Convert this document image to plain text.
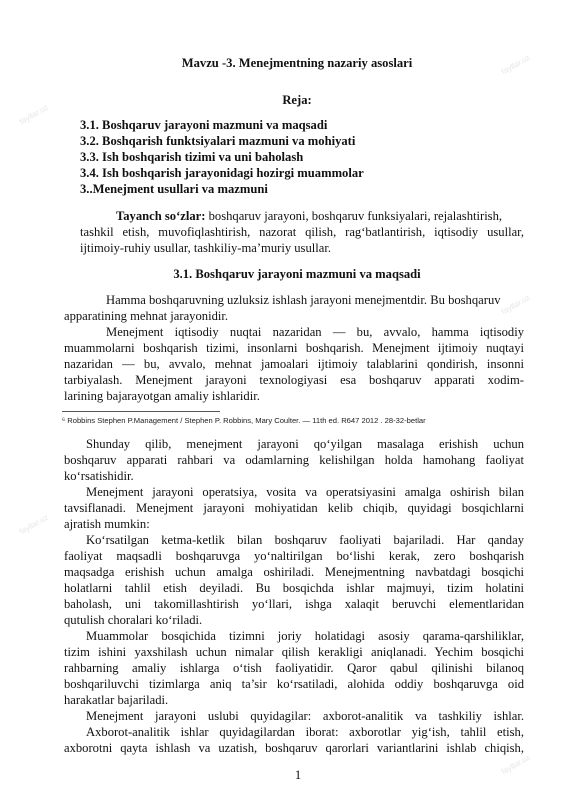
Mavzu -3. Menejmentning nazariy asoslari
Reja:
3.1. Boshqaruv jarayoni mazmuni va maqsadi
3.2. Boshqarish funktsiyalari mazmuni va mohiyati
3.3. Ish boshqarish tizimi va uni baholash
3.4. Ish boshqarish jarayonidagi hozirgi muammolar
3..Menejment usullari va mazmuni
Tayanch so‘zlar: boshqaruv jarayoni, boshqaruv funksiyalari, rejalashtirish,
tashkil etish, muvofiqlashtirish, nazorat qilish, rag‘batlantirish, iqtisodiy usullar,
ijtimoiy-ruhiy usullar, tashkiliy-ma’muriy usullar.
3.1. Boshqaruv jarayoni mazmuni va maqsadi
Hamma boshqaruvning uzluksiz ishlash jarayoni menejmentdir. Bu boshqaruv
apparatining mehnat jarayonidir.
Menejment iqtisodiy nuqtai nazaridan — bu, avvalo, hamma iqtisodiy
muammolarni boshqarish tizimi, insonlarni boshqarish. Menejment ijtimoiy nuqtayi
nazaridan — bu, avvalo, mehnat jamoalari ijtimoiy talablarini qondirish, insonni
tarbiyalash. Menejment jarayoni texnologiyasi esa boshqaruv apparati xodim-
larining bajarayotgan amaliy ishlaridir.
⁶ Robbins Stephen P.Management / Stephen P. Robbins, Mary Coulter. — 11th ed. R647 2012 . 28-32-betlar
Shunday qilib, menejment jarayoni qo‘yilgan masalaga erishish uchun
boshqaruv apparati rahbari va odamlarning kelishilgan holda hamohang faoliyat
ko‘rsatishidir.
Menejment jarayoni operatsiya, vosita va operatsiyasini amalga oshirish bilan
tavsiflanadi. Menejment jarayoni mohiyatidan kelib chiqib, quyidagi bosqichlarni
ajratish mumkin:
Ko‘rsatilgan ketma-ketlik bilan boshqaruv faoliyati bajariladi. Har qanday
faoliyat maqsadli boshqaruvga yo‘naltirilgan bo‘lishi kerak, zero boshqarish
maqsadga erishish uchun amalga oshiriladi. Menejmentning navbatdagi bosqichi
holatlarni tahlil etish deyiladi. Bu bosqichda ishlar majmuyi, tizim holatini
baholash, uni takomillashtirish yo‘llari, ishga xalaqit beruvchi elementlaridan
qutulish choralari ko‘riladi.
Muammolar bosqichida tizimni joriy holatidagi asosiy qarama-qarshiliklar,
tizim ishini yaxshilash uchun nimalar qilish kerakligi aniqlanadi. Yechim bosqichi
rahbarning amaliy ishlarga o‘tish faoliyatidir. Qaror qabul qilinishi bilanoq
boshqariluvchi tizimlarga aniq ta’sir ko‘rsatiladi, alohida oddiy boshqaruvga oid
harakatlar bajariladi.
Menejment jarayoni uslubi quyidagilar: axborot-analitik va tashkiliy ishlar.
Axborot-analitik ishlar quyidagilardan iborat: axborotlar yig‘ish, tahlil etish,
axborotni qayta ishlash va uzatish, boshqaruv qarorlari variantlarini ishlab chiqish,
1
fayllar.uz
fayllar.uz
fayllar.uz
fayllar.uz
fayllar.uz
